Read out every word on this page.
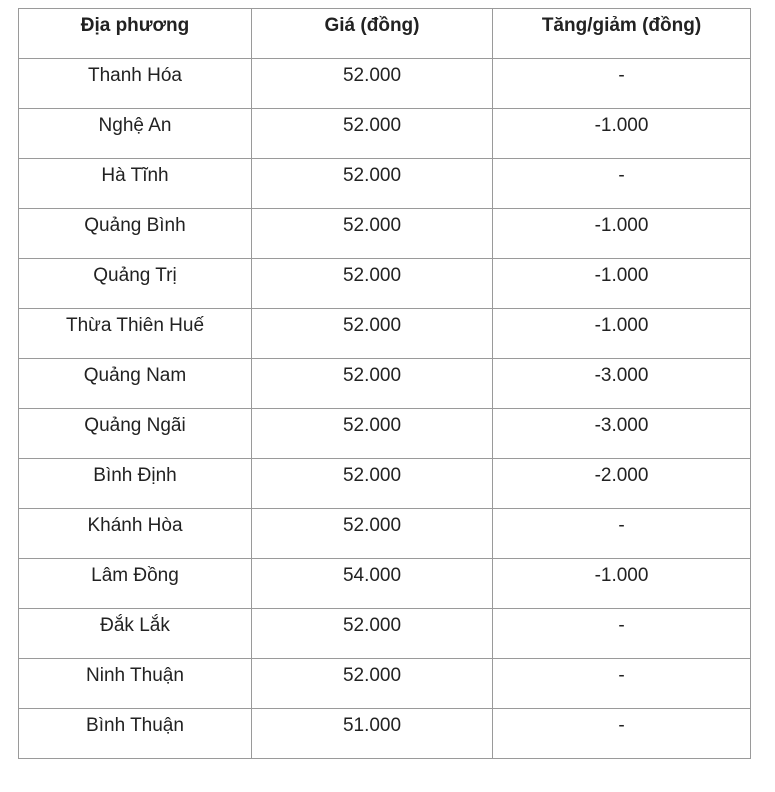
Địa phương	Giá (đồng)	Tăng/giảm (đồng)
Thanh Hóa	52.000	-
Nghệ An	52.000	-1.000
Hà Tĩnh	52.000	-
Quảng Bình	52.000	-1.000
Quảng Trị	52.000	-1.000
Thừa Thiên Huế	52.000	-1.000
Quảng Nam	52.000	-3.000
Quảng Ngãi	52.000	-3.000
Bình Định	52.000	-2.000
Khánh Hòa	52.000	-
Lâm Đồng	54.000	-1.000
Đắk Lắk	52.000	-
Ninh Thuận	52.000	-
Bình Thuận	51.000	-
